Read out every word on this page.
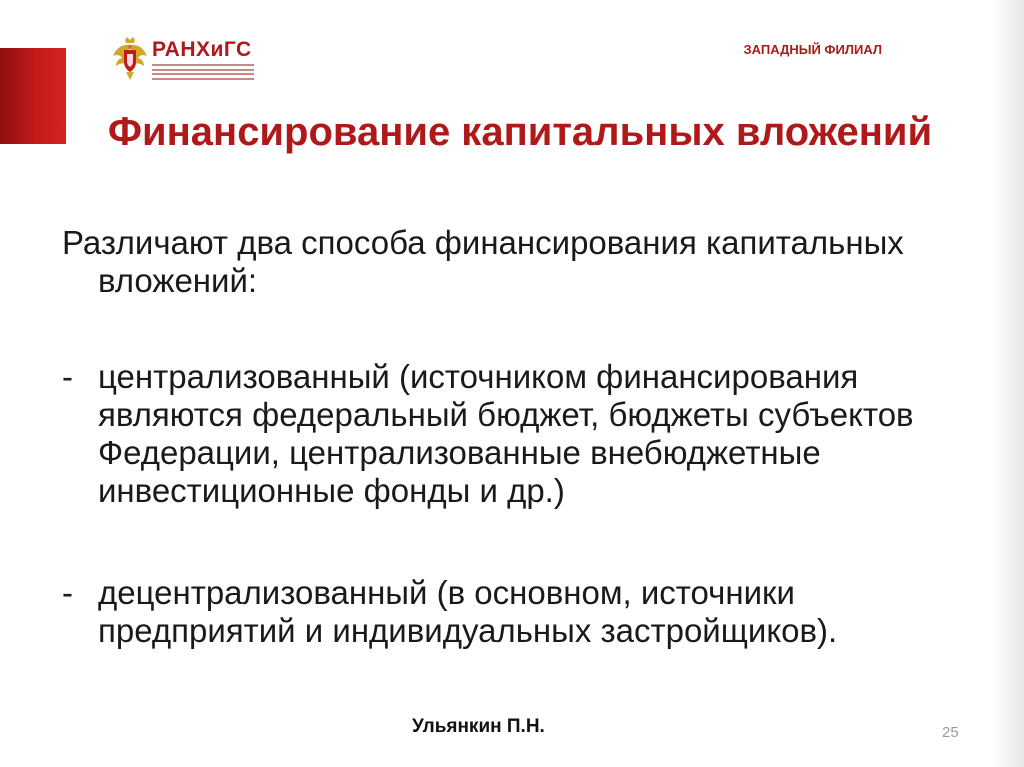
РАНХиГС	ЗАПАДНЫЙ ФИЛИАЛ
Финансирование капитальных вложений

Различают два способа финансирования капитальных вложений:

- централизованный (источником финансирования являются федеральный бюджет, бюджеты субъектов Федерации, централизованные внебюджетные инвестиционные фонды и др.)
- децентрализованный (в основном, источники предприятий и индивидуальных застройщиков).
Ульянкин П.Н.	25
